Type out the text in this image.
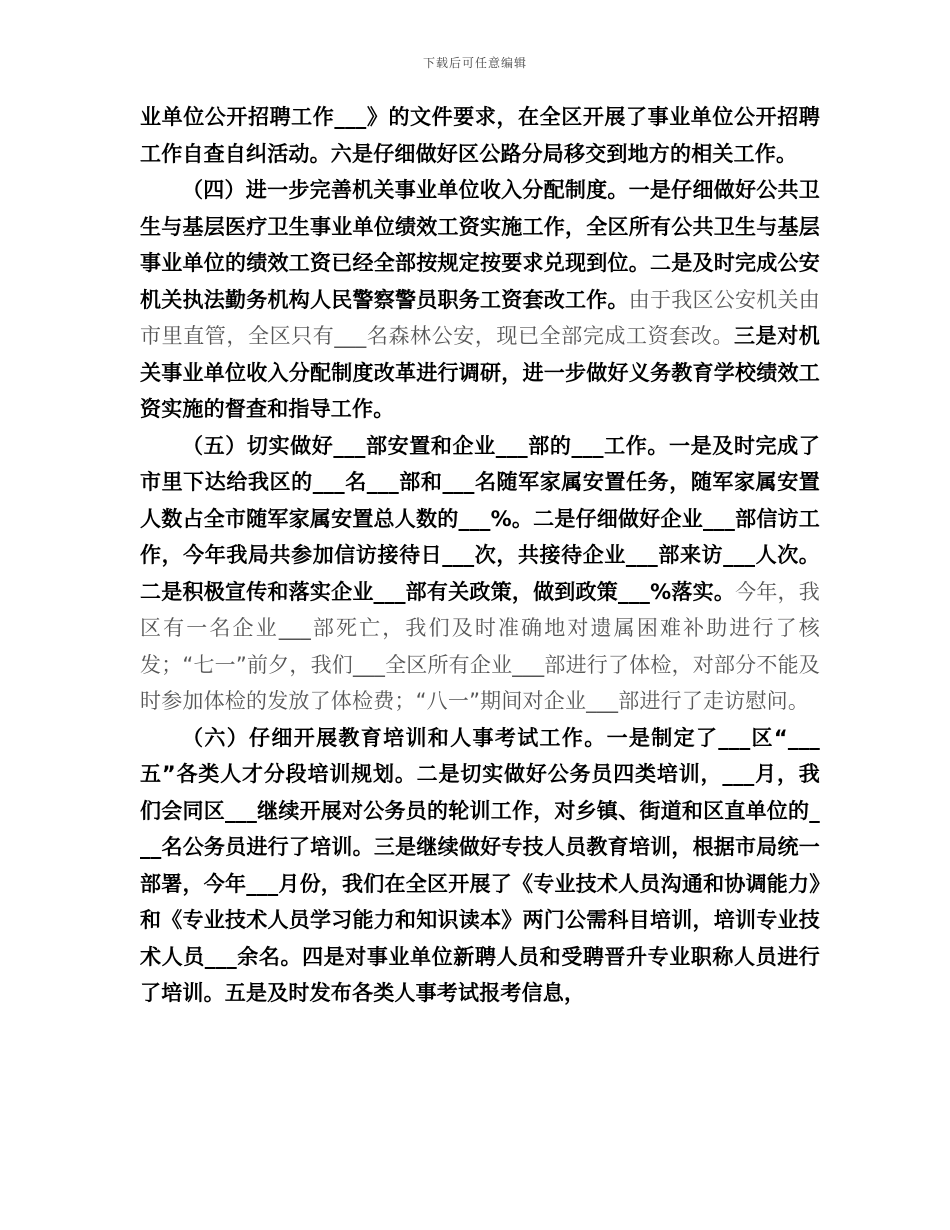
下载后可任意编辑

业单位公开招聘工作___》的文件要求，在全区开展了事业单位公开招聘工作自查自纠活动。六是仔细做好区公路分局移交到地方的相关工作。

（四）进一步完善机关事业单位收入分配制度。一是仔细做好公共卫生与基层医疗卫生事业单位绩效工资实施工作，全区所有公共卫生与基层事业单位的绩效工资已经全部按规定按要求兑现到位。二是及时完成公安机关执法勤务机构人民警察警员职务工资套改工作。由于我区公安机关由市里直管，全区只有___名森林公安，现已全部完成工资套改。三是对机关事业单位收入分配制度改革进行调研，进一步做好义务教育学校绩效工资实施的督查和指导工作。

（五）切实做好___部安置和企业___部的___工作。一是及时完成了市里下达给我区的___名___部和___名随军家属安置任务，随军家属安置人数占全市随军家属安置总人数的___%。二是仔细做好企业___部信访工作，今年我局共参加信访接待日___次，共接待企业___部来访___人次。二是积极宣传和落实企业___部有关政策，做到政策___%落实。今年，我区有一名企业___部死亡，我们及时准确地对遗属困难补助进行了核发；“七一”前夕，我们___全区所有企业___部进行了体检，对部分不能及时参加体检的发放了体检费；“八一”期间对企业___部进行了走访慰问。

（六）仔细开展教育培训和人事考试工作。一是制定了___区“___五”各类人才分段培训规划。二是切实做好公务员四类培训，___月，我们会同区___继续开展对公务员的轮训工作，对乡镇、街道和区直单位的___名公务员进行了培训。三是继续做好专技人员教育培训，根据市局统一部署，今年___月份，我们在全区开展了《专业技术人员沟通和协调能力》和《专业技术人员学习能力和知识读本》两门公需科目培训，培训专业技术人员___余名。四是对事业单位新聘人员和受聘晋升专业职称人员进行了培训。五是及时发布各类人事考试报考信息，
